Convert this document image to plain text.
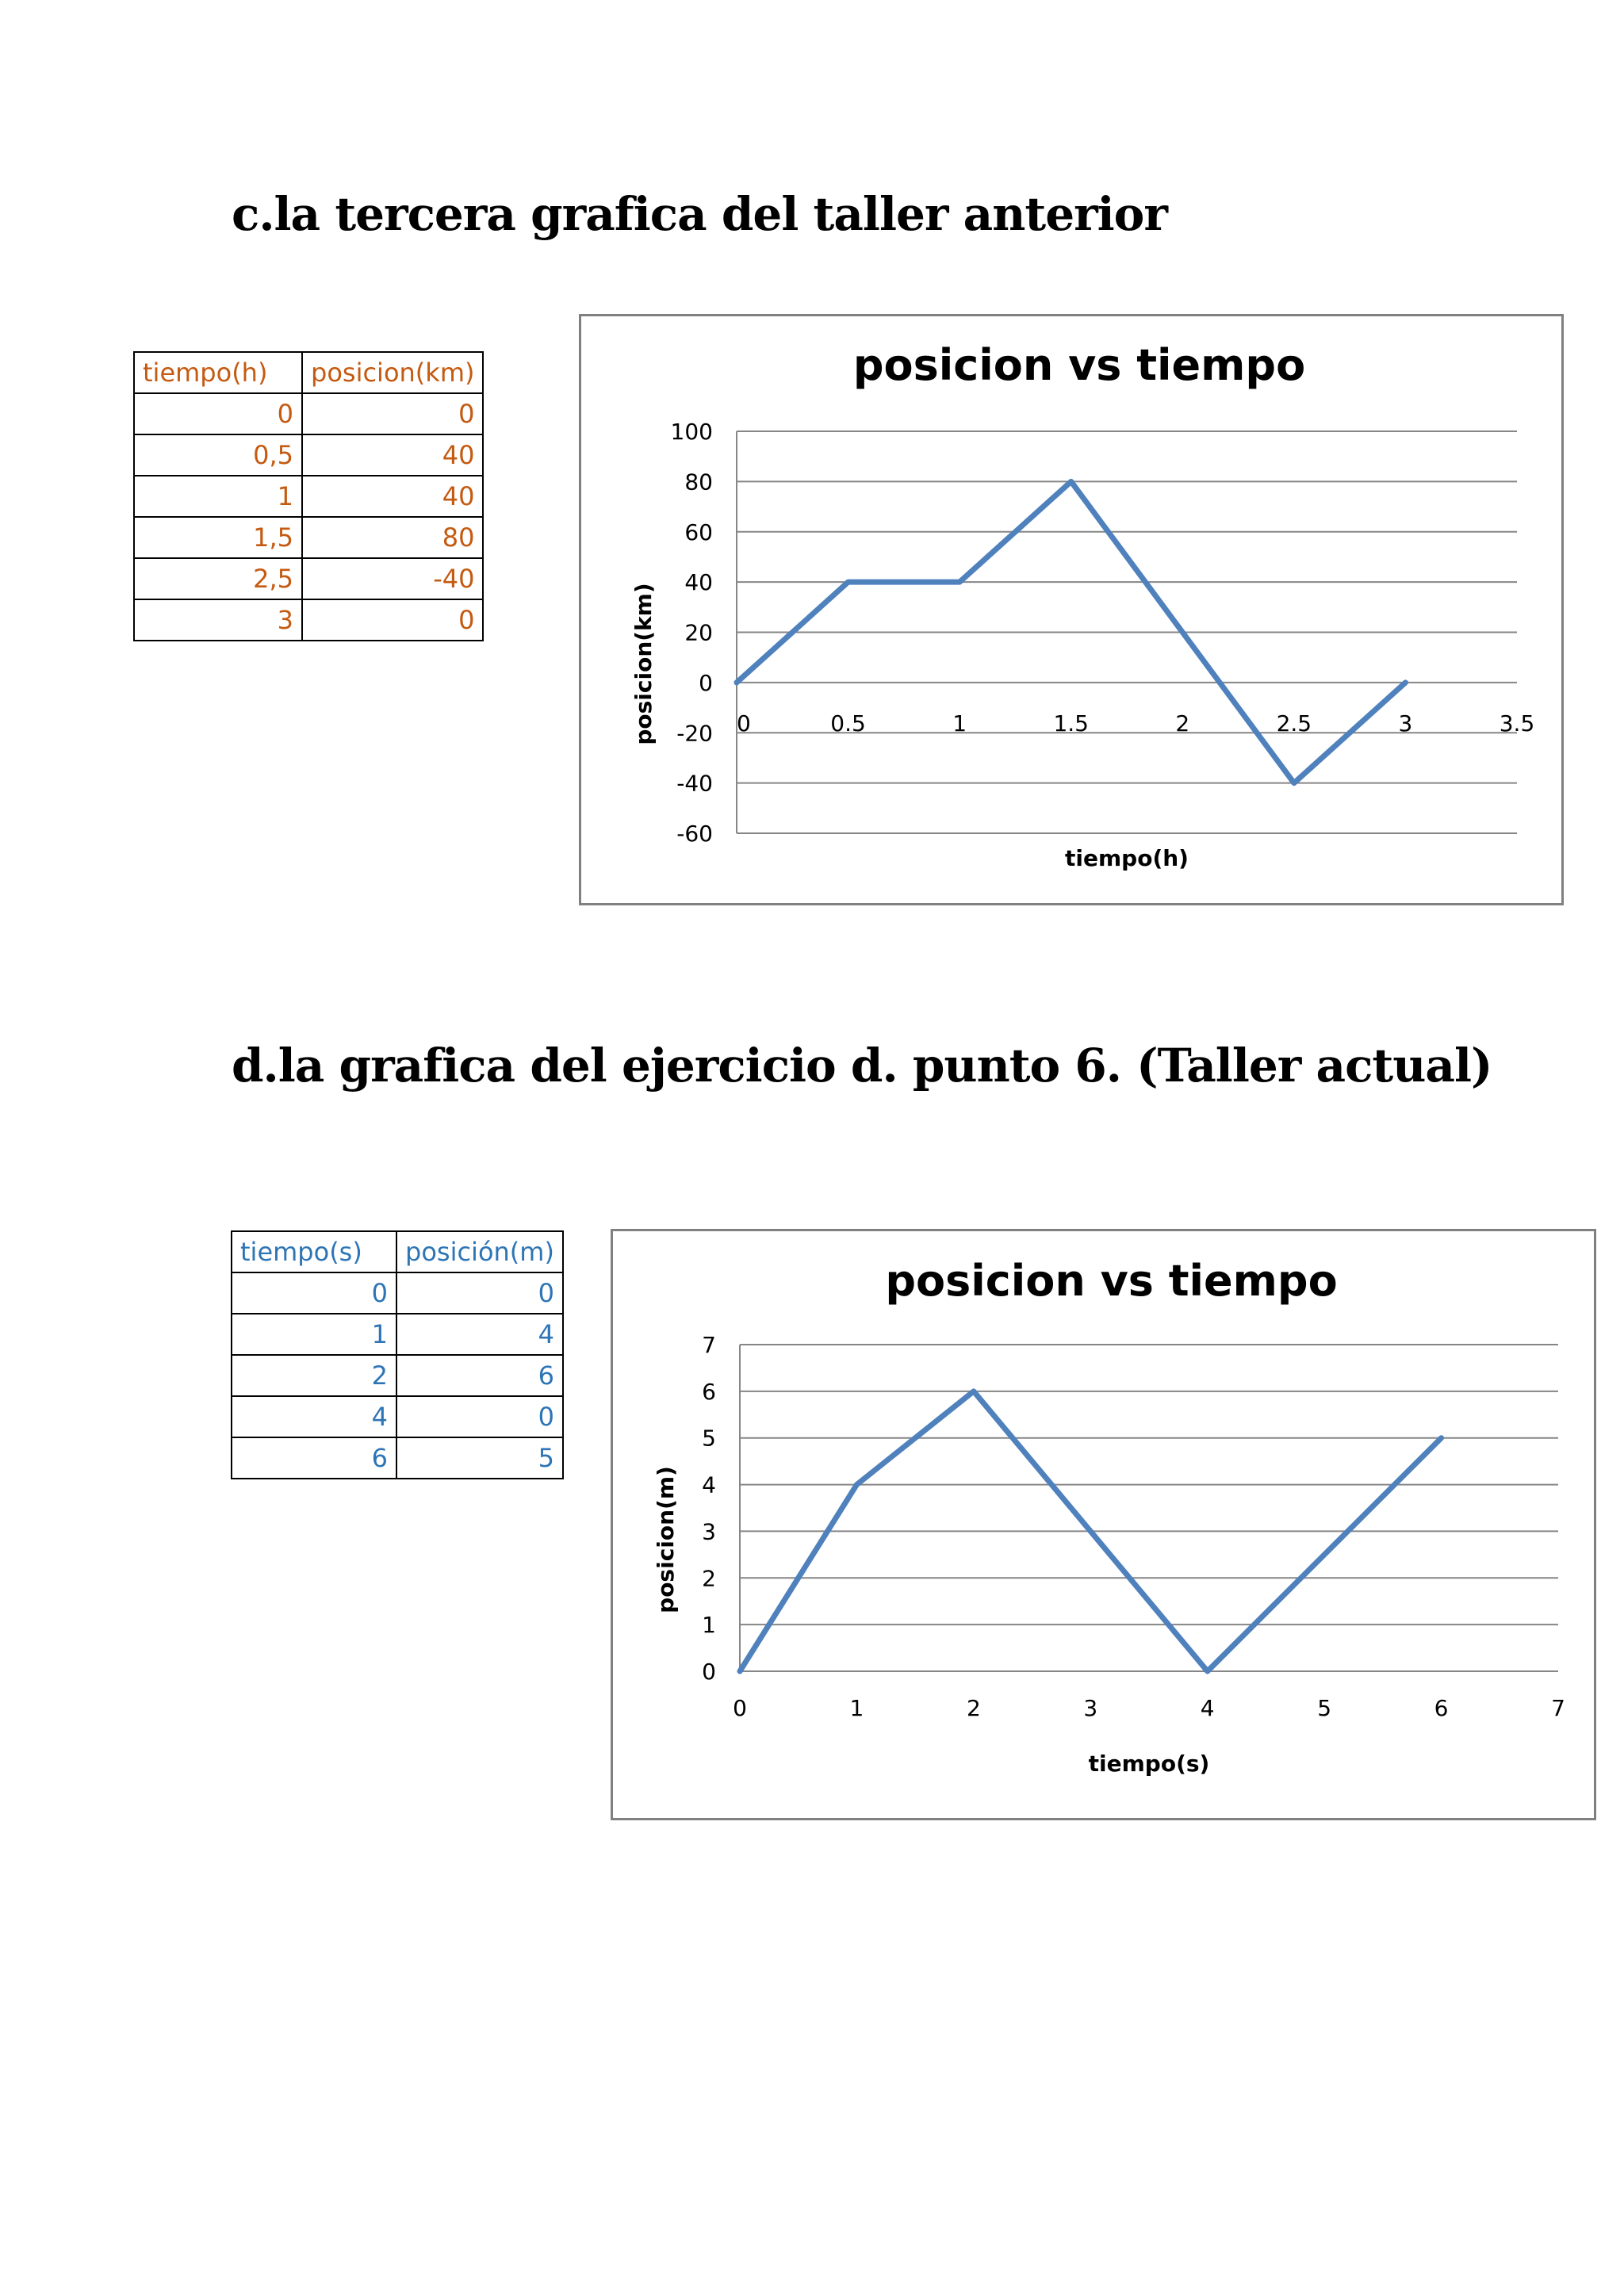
c.la tercera grafica del taller anterior
tiempo(h)	posicion(km)
0	0
0,5	40
1	40
1,5	80
2,5	-40
3	0
-60
-40
-20
0
20
40
60
80
100
0	0.5	1	1.5	2	2.5	3	3.5
posicion vs tiempo
tiempo(h)
posicion(km)
d.la grafica del ejercicio d. punto 6. (Taller actual)
tiempo(s)	posición(m)
0	0
1	4
2	6
4	0
6	5
0
1
2
3
4
5
6
7
0	1	2	3	4	5	6	7
posicion vs tiempo
tiempo(s)
posicion(m)
